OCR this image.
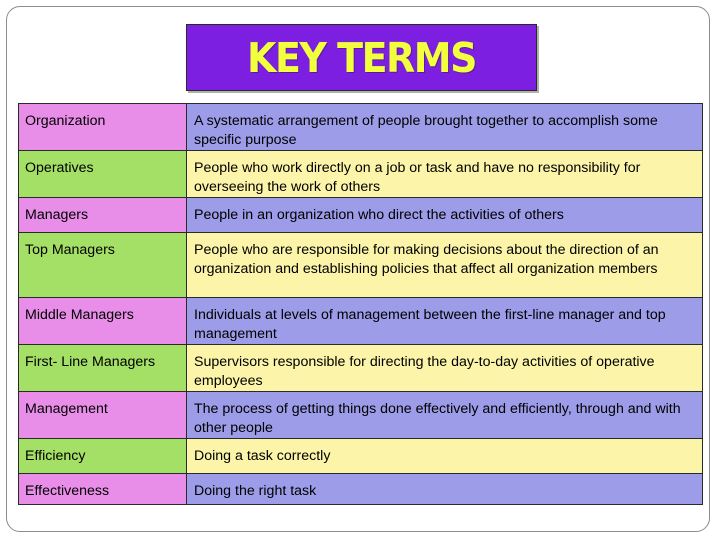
KEY TERMS
Organization	A systematic arrangement of people brought together to accomplish some specific purpose
Operatives	People who work directly on a job or task and have no responsibility for overseeing the work of others
Managers	People in an organization who direct the activities of others
Top Managers	People who are responsible for making decisions about the direction of an organization and establishing policies that affect all organization members
Middle Managers	Individuals at levels of management between the first-line manager and top management
First- Line Managers	Supervisors responsible for directing the day-to-day activities of operative employees
Management	The process of getting things done effectively and efficiently, through and with other people
Efficiency	Doing a task correctly
Effectiveness	Doing the right task
